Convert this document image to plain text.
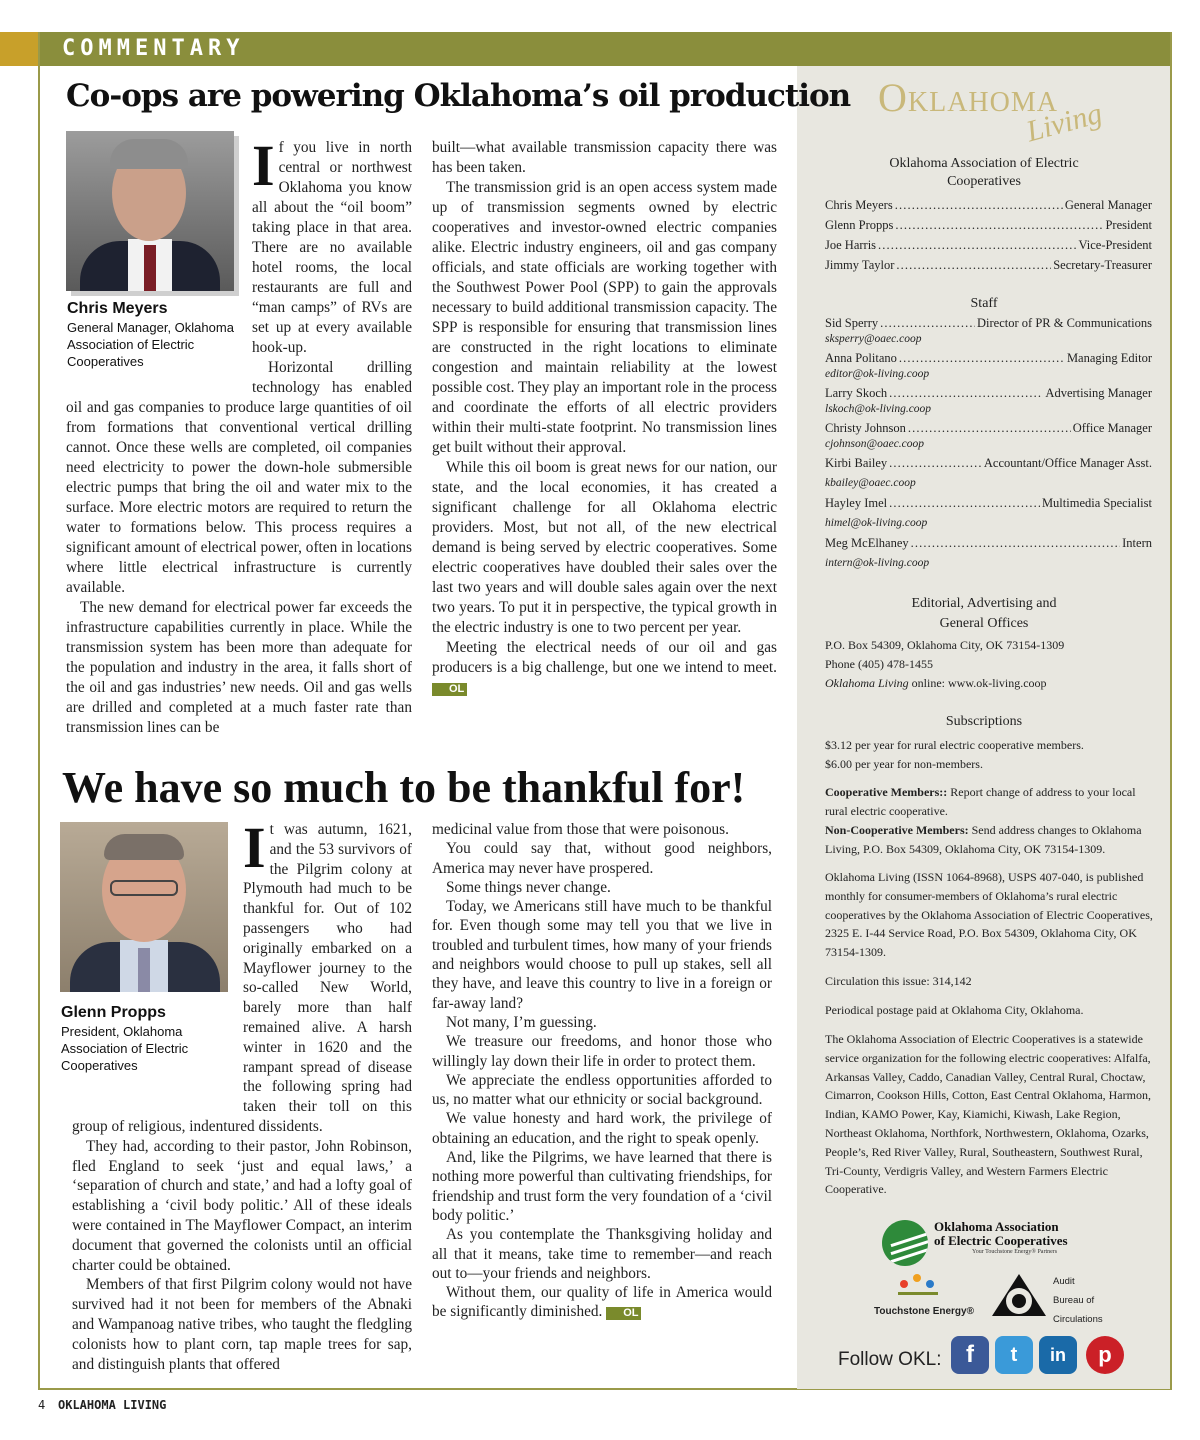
COMMENTARY
Co-ops are powering Oklahoma’s oil production
Chris Meyers
General Manager, Oklahoma Association of Electric Cooperatives

If you live in north central or northwest Oklahoma you know all about the “oil boom” taking place in that area. There are no available hotel rooms, the local restaurants are full and “man camps” of RVs are set up at every available hook-up.

Horizontal drilling technology has enabled oil and gas companies to produce large quantities of oil from formations that conventional vertical drilling cannot. Once these wells are completed, oil companies need electricity to power the down-hole submersible electric pumps that bring the oil and water mix to the surface. More electric motors are required to return the water to formations below. This process requires a significant amount of electrical power, often in locations where little electrical infrastructure is currently available.

The new demand for electrical power far exceeds the infrastructure capabilities currently in place. While the transmission system has been more than adequate for the population and industry in the area, it falls short of the oil and gas industries’ new needs. Oil and gas wells are drilled and completed at a much faster rate than transmission lines can be

built—what available transmission capacity there was has been taken.

The transmission grid is an open access system made up of transmission segments owned by electric cooperatives and investor-owned electric companies alike. Electric industry engineers, oil and gas company officials, and state officials are working together with the Southwest Power Pool (SPP) to gain the approvals necessary to build additional transmission capacity. The SPP is responsible for ensuring that transmission lines are constructed in the right locations to eliminate congestion and maintain reliability at the lowest possible cost. They play an important role in the process and coordinate the efforts of all electric providers within their multi-state footprint. No transmission lines get built without their approval.

While this oil boom is great news for our nation, our state, and the local economies, it has created a significant challenge for all Oklahoma electric providers. Most, but not all, of the new electrical demand is being served by electric cooperatives. Some electric cooperatives have doubled their sales over the last two years and will double sales again over the next two years. To put it in perspective, the typical growth in the electric industry is one to two percent per year.

Meeting the electrical needs of our oil and gas producers is a big challenge, but one we intend to meet. OL

We have so much to be thankful for!
Glenn Propps
President, Oklahoma Association of Electric Cooperatives

It was autumn, 1621, and the 53 survivors of the Pilgrim colony at Plymouth had much to be thankful for. Out of 102 passengers who had originally embarked on a Mayflower journey to the so-called New World, barely more than half remained alive. A harsh winter in 1620 and the rampant spread of disease the following spring had taken their toll on this group of religious, indentured dissidents.

They had, according to their pastor, John Robinson, fled England to seek ‘just and equal laws,’ a ‘separation of church and state,’ and had a lofty goal of establishing a ‘civil body politic.’ All of these ideals were contained in The Mayflower Compact, an interim document that governed the colonists until an official charter could be obtained.

Members of that first Pilgrim colony would not have survived had it not been for members of the Abnaki and Wampanoag native tribes, who taught the fledgling colonists how to plant corn, tap maple trees for sap, and distinguish plants that offered

medicinal value from those that were poisonous.

You could say that, without good neighbors, America may never have prospered.

Some things never change.

Today, we Americans still have much to be thankful for. Even though some may tell you that we live in troubled and turbulent times, how many of your friends and neighbors would choose to pull up stakes, sell all they have, and leave this country to live in a foreign or far-away land?

Not many, I’m guessing.

We treasure our freedoms, and honor those who willingly lay down their life in order to protect them.

We appreciate the endless opportunities afforded to us, no matter what our ethnicity or social background.

We value honesty and hard work, the privilege of obtaining an education, and the right to speak openly.

And, like the Pilgrims, we have learned that there is nothing more powerful than cultivating friendships, for friendship and trust form the very foundation of a ‘civil body politic.’

As you contemplate the Thanksgiving holiday and all that it means, take time to remember—and reach out to—your friends and neighbors.

Without them, our quality of life in America would be significantly diminished. OL

Oklahoma
Living
Oklahoma Association of Electric Cooperatives
Chris Meyers . . .	General Manager
Glenn Propps . . .	President
Joe Harris . . .	Vice-President
Jimmy Taylor . . .	Secretary-Treasurer
Staff
Sid Sperry . . .	Director of PR & Communications
sksperry@oaec.coop
Anna Politano . . .	Managing Editor
editor@ok-living.coop
Larry Skoch . . .	Advertising Manager
lskoch@ok-living.coop
Christy Johnson . . .	Office Manager
cjohnson@oaec.coop
Kirbi Bailey . . .	Accountant/Office Manager Asst.
kbailey@oaec.coop
Hayley Imel . . .	Multimedia Specialist
himel@ok-living.coop
Meg McElhaney . . .	Intern
intern@ok-living.coop
Editorial, Advertising and General Offices
P.O. Box 54309, Oklahoma City, OK 73154-1309
Phone (405) 478-1455
Oklahoma Living online: www.ok-living.coop
Subscriptions
$3.12 per year for rural electric cooperative members.
$6.00 per year for non-members.
Cooperative Members:: Report change of address to your local rural electric cooperative.
Non-Cooperative Members: Send address changes to Oklahoma Living, P.O. Box 54309, Oklahoma City, OK 73154-1309.
Oklahoma Living (ISSN 1064-8968), USPS 407-040, is published monthly for consumer-members of Oklahoma’s rural electric cooperatives by the Oklahoma Association of Electric Cooperatives, 2325 E. I-44 Service Road, P.O. Box 54309, Oklahoma City, OK 73154-1309.
Circulation this issue: 314,142
Periodical postage paid at Oklahoma City, Oklahoma.
The Oklahoma Association of Electric Cooperatives is a statewide service organization for the following electric cooperatives: Alfalfa, Arkansas Valley, Caddo, Canadian Valley, Central Rural, Choctaw, Cimarron, Cookson Hills, Cotton, East Central Oklahoma, Harmon, Indian, KAMO Power, Kay, Kiamichi, Kiwash, Lake Region, Northeast Oklahoma, Northfork, Northwestern, Oklahoma, Ozarks, People’s, Red River Valley, Rural, Southeastern, Southwest Rural, Tri-County, Verdigris Valley, and Western Farmers Electric Cooperative.
Oklahoma Association
of Electric Cooperatives
Your Touchstone Energy® Partners
Touchstone Energy®
Audit
Bureau of
Circulations
Follow OKL:	f	t	in	p
4 OKLAHOMA LIVING
